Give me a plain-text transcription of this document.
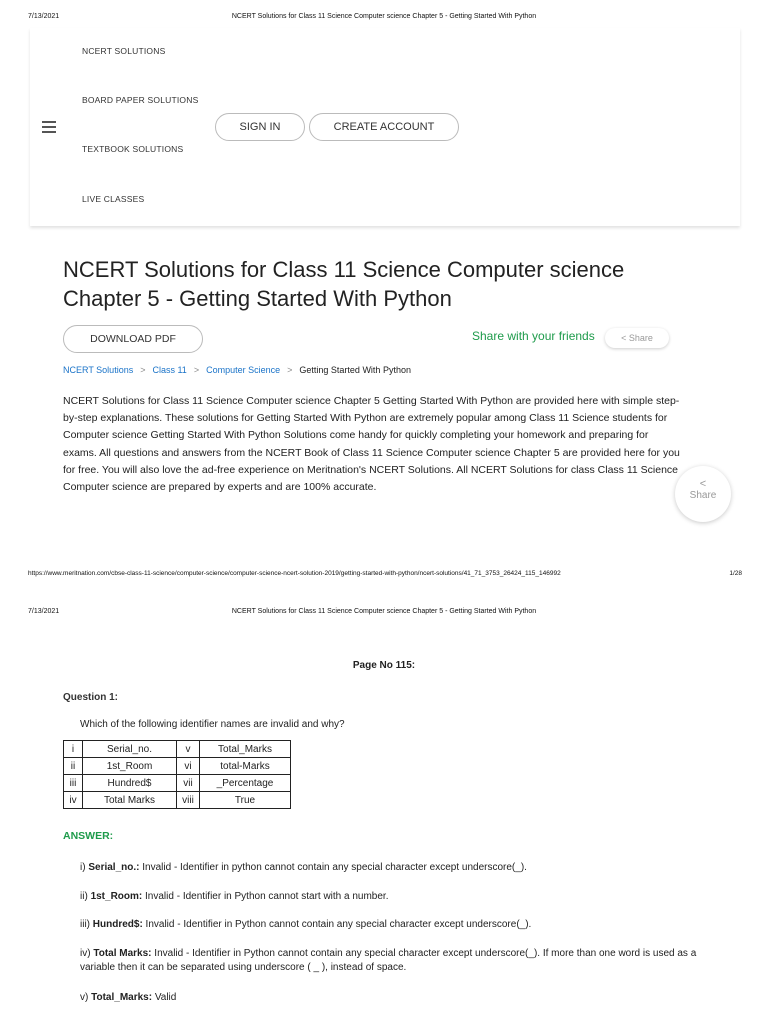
7/13/2021	NCERT Solutions for Class 11 Science Computer science Chapter 5 - Getting Started With Python
NCERT SOLUTIONS
BOARD PAPER SOLUTIONS
TEXTBOOK SOLUTIONS
LIVE CLASSES
SIGN IN	CREATE ACCOUNT
NCERT Solutions for Class 11 Science Computer science Chapter 5 - Getting Started With Python
DOWNLOAD PDF	Share with your friends	< Share
NCERT Solutions > Class 11 > Computer Science > Getting Started With Python

NCERT Solutions for Class 11 Science Computer science Chapter 5 Getting Started With Python are provided here with simple step-by-step explanations. These solutions for Getting Started With Python are extremely popular among Class 11 Science students for Computer science Getting Started With Python Solutions come handy for quickly completing your homework and preparing for exams. All questions and answers from the NCERT Book of Class 11 Science Computer science Chapter 5 are provided here for you for free. You will also love the ad-free experience on Meritnation's NCERT Solutions. All NCERT Solutions for class Class 11 Science Computer science are prepared by experts and are 100% accurate.	<
Share
https://www.meritnation.com/cbse-class-11-science/computer-science/computer-science-ncert-solution-2019/getting-started-with-python/ncert-solutions/41_71_3753_26424_115_146992	1/28
7/13/2021	NCERT Solutions for Class 11 Science Computer science Chapter 5 - Getting Started With Python
Page No 115:
Question 1:
Which of the following identifier names are invalid and why?
i	Serial_no.	v	Total_Marks
ii	1st_Room	vi	total-Marks
iii	Hundred$	vii	_Percentage
iv	Total Marks	viii	True
ANSWER:

i) Serial_no.: Invalid - Identifier in python cannot contain any special character except underscore(_).

ii) 1st_Room: Invalid - Identifier in Python cannot start with a number.

iii) Hundred$: Invalid - Identifier in Python cannot contain any special character except underscore(_).

iv) Total Marks: Invalid - Identifier in Python cannot contain any special character except underscore(_). If more than one word is used as a variable then it can be separated using underscore ( _ ), instead of space.

v) Total_Marks: Valid
